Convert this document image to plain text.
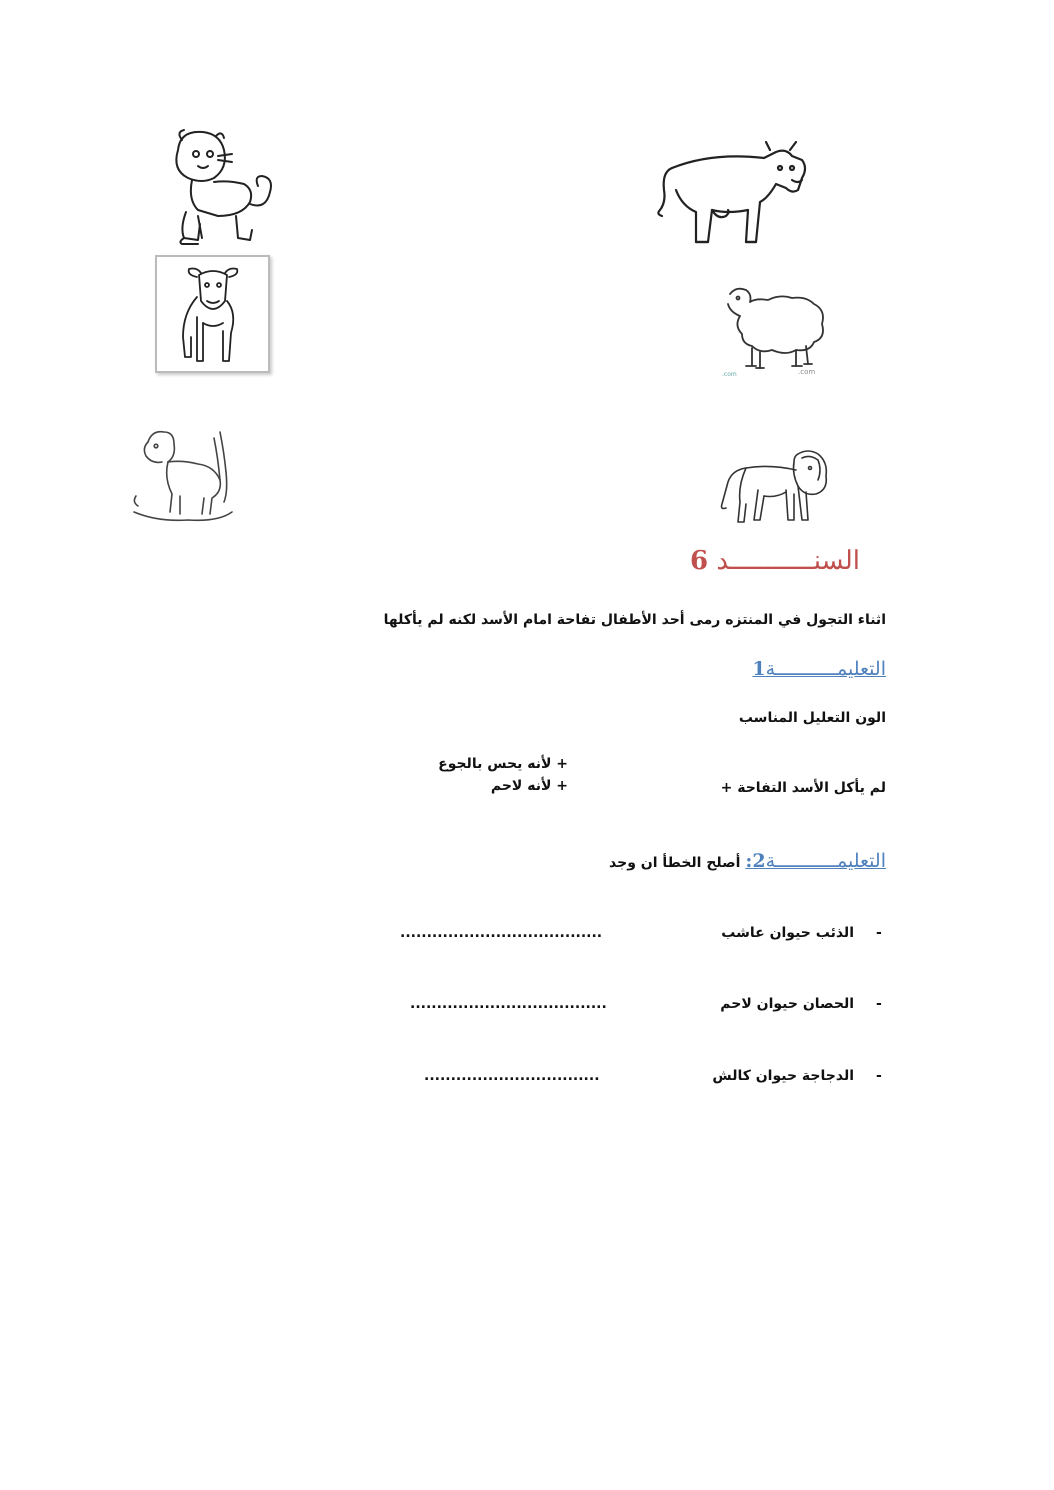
.com	.com
السنـــــــــــد 6
اثناء التجول في المنتزه رمى أحد الأطفال تفاحة امام الأسد لكنه لم يأكلها
التعليمـــــــــــة1
الون التعليل المناسب
+ لأنه يحس بالجوع
+ لأنه لاحم	لم يأكل الأسد التفاحة +
التعليمـــــــــــة2: أصلح الخطأ ان وجد
-
الذئب حيوان عاشب
......................................
-
الحصان حيوان لاحم
.....................................
-
الدجاجة حيوان كالش
.................................
